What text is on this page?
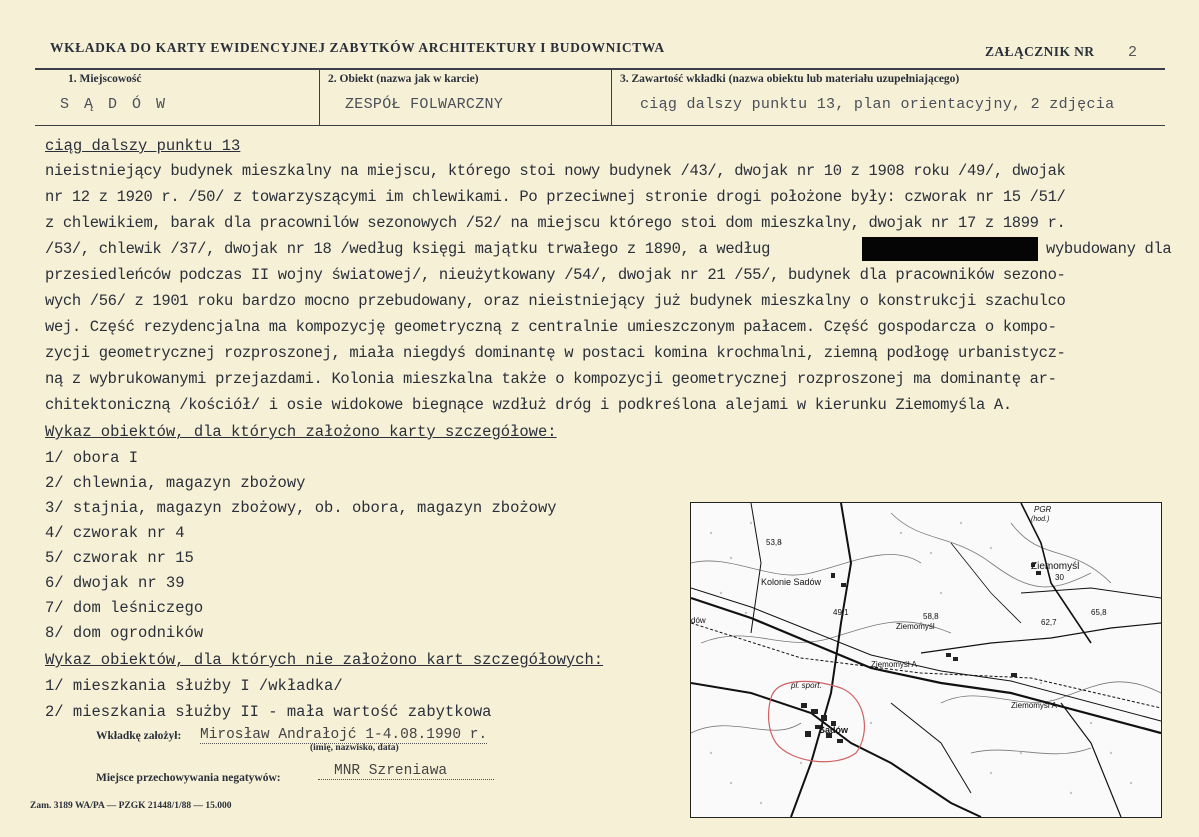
WKŁADKA DO KARTY EWIDENCYJNEJ ZABYTKÓW ARCHITEKTURY I BUDOWNICTWA	ZAŁĄCZNIK NR 2
1. Miejscowość
S Ą D Ó W
2. Obiekt (nazwa jak w karcie)
ZESPÓŁ FOLWARCZNY
3. Zawartość wkładki (nazwa obiektu lub materiału uzupełniającego)
ciąg dalszy punktu 13, plan orientacyjny, 2 zdjęcia
ciąg dalszy punktu 13
nieistniejący budynek mieszkalny na miejscu, którego stoi nowy budynek /43/, dwojak nr 10 z 1908 roku /49/, dwojak
nr 12 z 1920 r. /50/ z towarzyszącymi im chlewikami. Po przeciwnej stronie drogi położone były: czworak nr 15 /51/
z chlewikiem, barak dla pracownilów sezonowych /52/ na miejscu którego stoi dom mieszkalny, dwojak nr 17 z 1899 r.
/53/, chlewik /37/, dwojak nr 18 /według księgi majątku trwałego z 1890, a według	wybudowany dla
przesiedleńców podczas II wojny światowej/, nieużytkowany /54/, dwojak nr 21 /55/, budynek dla pracowników sezono-
wych /56/ z 1901 roku bardzo mocno przebudowany, oraz nieistniejący już budynek mieszkalny o konstrukcji szachulco
wej. Część rezydencjalna ma kompozycję geometryczną z centralnie umieszczonym pałacem. Część gospodarcza o kompo-
zycji geometrycznej rozproszonej, miała niegdyś dominantę w postaci komina krochmalni, ziemną podłogę urbanistycz-
ną z wybrukowanymi przejazdami. Kolonia mieszkalna także o kompozycji geometrycznej rozproszonej ma dominantę ar-
chitektoniczną /kościół/ i osie widokowe biegnące wzdłuż dróg i podkreślona alejami w kierunku Ziemomyśla A.
Wykaz obiektów, dla których założono karty szczegółowe:
1/ obora I
2/ chlewnia, magazyn zbożowy
3/ stajnia, magazyn zbożowy, ob. obora, magazyn zbożowy
4/ czworak nr 4
5/ czworak nr 15
6/ dwojak nr 39
7/ dom leśniczego
8/ dom ogrodników
Wykaz obiektów, dla których nie założono kart szczegółowych:
1/ mieszkania służby I /wkładka/
2/ mieszkania służby II - mała wartość zabytkowa
Wkładkę założył: Mirosław Andrałojć 1-4.08.1990 r.
(imię, nazwisko, data)
Miejsce przechowywania negatywów:	MNR Szreniawa
Zam. 3189 WA/PA — PZGK 21448/1/88 — 15.000
Kolonie Sadów
Ziemomyśl
30
Ziemomyśl
Ziemomyśl A
Ziemomyśl A
Sadów
pl. sport.
PGR
(hod.)
58,8	65,8
62,7
53,8
49,1
dów
